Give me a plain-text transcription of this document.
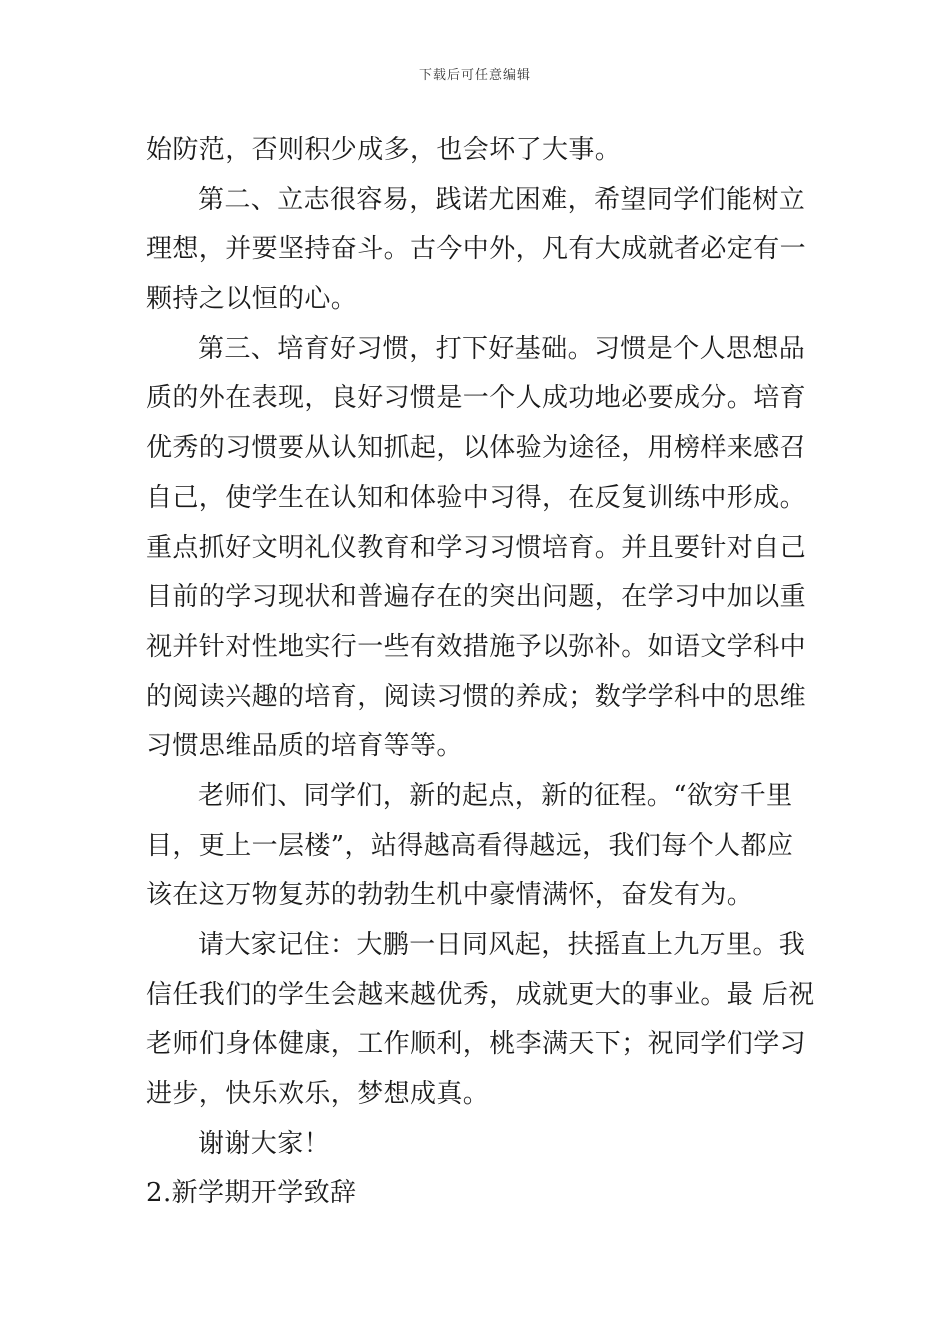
下载后可任意编辑
始防范，否则积少成多，也会坏了大事。
第二、立志很容易，践诺尤困难，希望同学们能树立
理想，并要坚持奋斗。古今中外，凡有大成就者必定有一
颗持之以恒的心。
第三、培育好习惯，打下好基础。习惯是个人思想品
质的外在表现，良好习惯是一个人成功地必要成分。培育
优秀的习惯要从认知抓起，以体验为途径，用榜样来感召
自己，使学生在认知和体验中习得，在反复训练中形成。
重点抓好文明礼仪教育和学习习惯培育。并且要针对自己
目前的学习现状和普遍存在的突出问题，在学习中加以重
视并针对性地实行一些有效措施予以弥补。如语文学科中
的阅读兴趣的培育，阅读习惯的养成；数学学科中的思维
习惯思维品质的培育等等。
老师们、同学们，新的起点，新的征程。“欲穷千里
目，更上一层楼”，站得越高看得越远，我们每个人都应
该在这万物复苏的勃勃生机中豪情满怀，奋发有为。
请大家记住：大鹏一日同风起，扶摇直上九万里。我
信任我们的学生会越来越优秀，成就更大的事业。最 后祝
老师们身体健康，工作顺利，桃李满天下；祝同学们学习
进步，快乐欢乐，梦想成真。
谢谢大家！
2.新学期开学致辞
